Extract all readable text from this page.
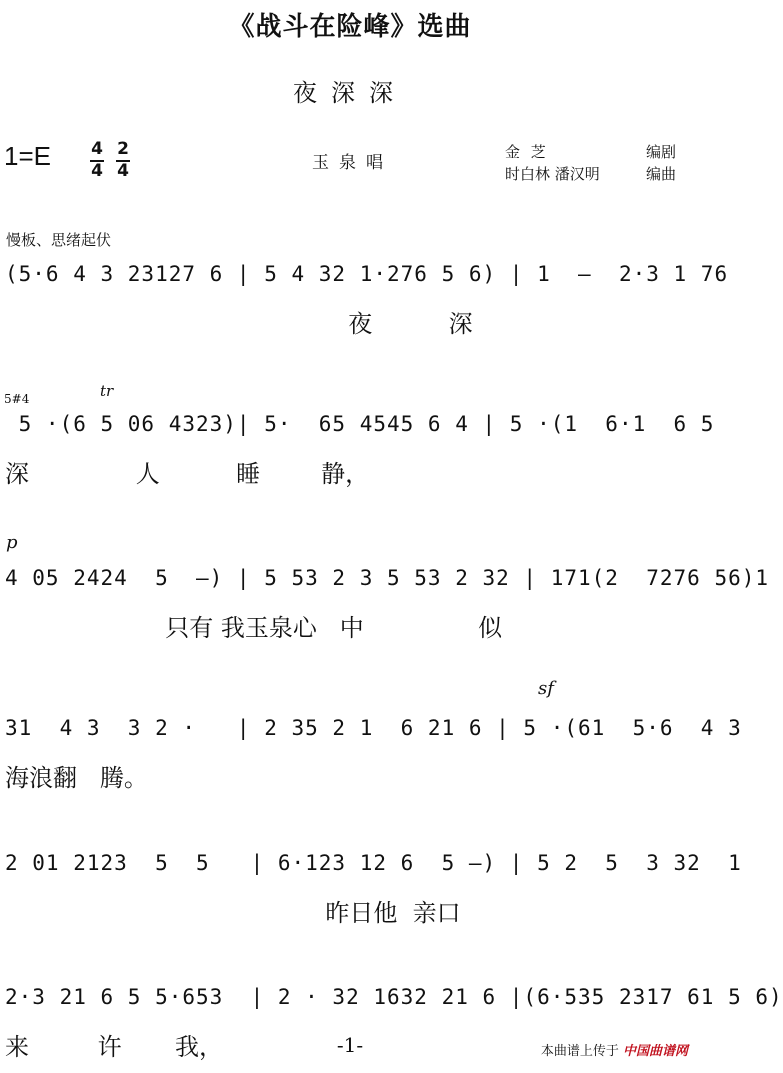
《战斗在险峰》选曲
夜深深
1=E 4
4
2
4	玉泉唱
金 芝	编剧
时白林 潘汉明	编曲
慢板、思绪起伏
(5·6 4 3 23127 6 | 5 4 32 1·276 5 6) | 1  —  2·3 1 76
夜          深
tr
5#4
5 ·(6 5 06 4323)| 5·  65 4545 6 4 | 5 ·(1  6·1  6 5
深              人          睡        静，
p
4 05 2424  5  —) | 5 53 2 3 5 53 2 32 | 171(2  7276 56)1
只有 我玉泉心   中               似
sf
31  4 3  3 2 ·   | 2 35 2 1  6 21 6 | 5 ·(61  5·6  4 3
海浪翻   腾。
2 01 2123  5  5   | 6·123 12 6  5 —) | 5 2  5  3 32  1
昨日他  亲口
2·3 21 6 5 5·653  | 2 · 32 1632 21 6 |(6·535 2317 61 5 6)
来         许       我，	-1-	本曲谱上传于 中国曲谱网
